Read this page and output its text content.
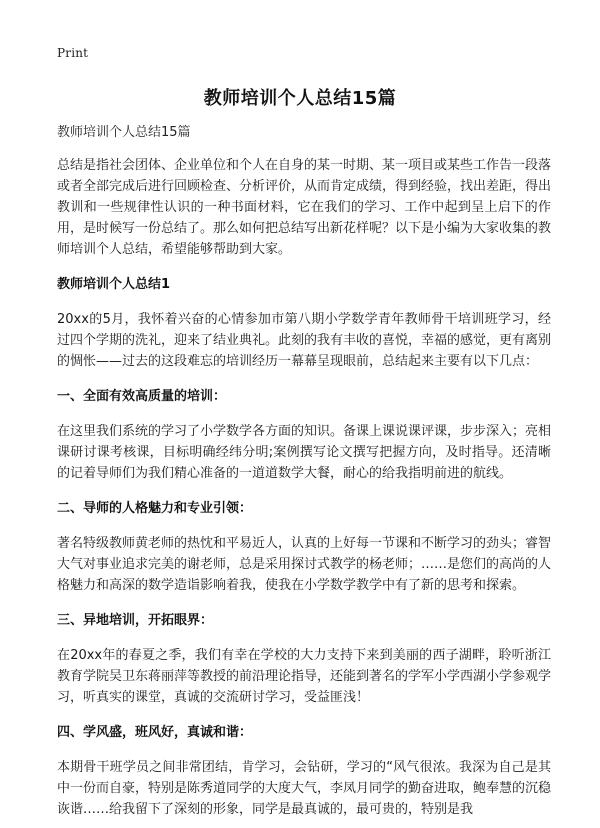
Print
教师培训个人总结15篇
教师培训个人总结15篇

总结是指社会团体、企业单位和个人在自身的某一时期、某一项目或某些工作告一段落或者全部完成后进行回顾检查、分析评价，从而肯定成绩，得到经验，找出差距，得出教训和一些规律性认识的一种书面材料，它在我们的学习、工作中起到呈上启下的作用，是时候写一份总结了。那么如何把总结写出新花样呢？以下是小编为大家收集的教师培训个人总结，希望能够帮助到大家。

教师培训个人总结1

20xx的5月，我怀着兴奋的心情参加市第八期小学数学青年教师骨干培训班学习，经过四个学期的洗礼，迎来了结业典礼。此刻的我有丰收的喜悦，幸福的感觉，更有离别的惆怅——过去的这段难忘的培训经历一幕幕呈现眼前，总结起来主要有以下几点：

一、全面有效高质量的培训：

在这里我们系统的学习了小学数学各方面的知识。备课上课说课评课，步步深入；亮相课研讨课考核课，目标明确经纬分明;案例撰写论文撰写把握方向，及时指导。还清晰的记着导师们为我们精心准备的一道道数学大餐，耐心的给我指明前进的航线。

二、导师的人格魅力和专业引领：

著名特级教师黄老师的热忱和平易近人，认真的上好每一节课和不断学习的劲头；睿智大气对事业追求完美的谢老师，总是采用探讨式教学的杨老师；……是您们的高尚的人格魅力和高深的数学造诣影响着我，使我在小学数学教学中有了新的思考和探索。

三、异地培训，开拓眼界：

在20xx年的春夏之季，我们有幸在学校的大力支持下来到美丽的西子湖畔，聆听浙江教育学院吴卫东蒋丽萍等教授的前沿理论指导，还能到著名的学军小学西湖小学参观学习，听真实的课堂，真诚的交流研讨学习，受益匪浅！

四、学风盛，班风好，真诚和谐：

本期骨干班学员之间非常团结，肯学习，会钻研，学习的“风气很浓。我深为自己是其中一份而自豪，特别是陈秀道同学的大度大气，李凤月同学的勤奋进取，鲍奉慧的沉稳诙谐……给我留下了深刻的形象，同学是最真诚的，最可贵的，特别是我
